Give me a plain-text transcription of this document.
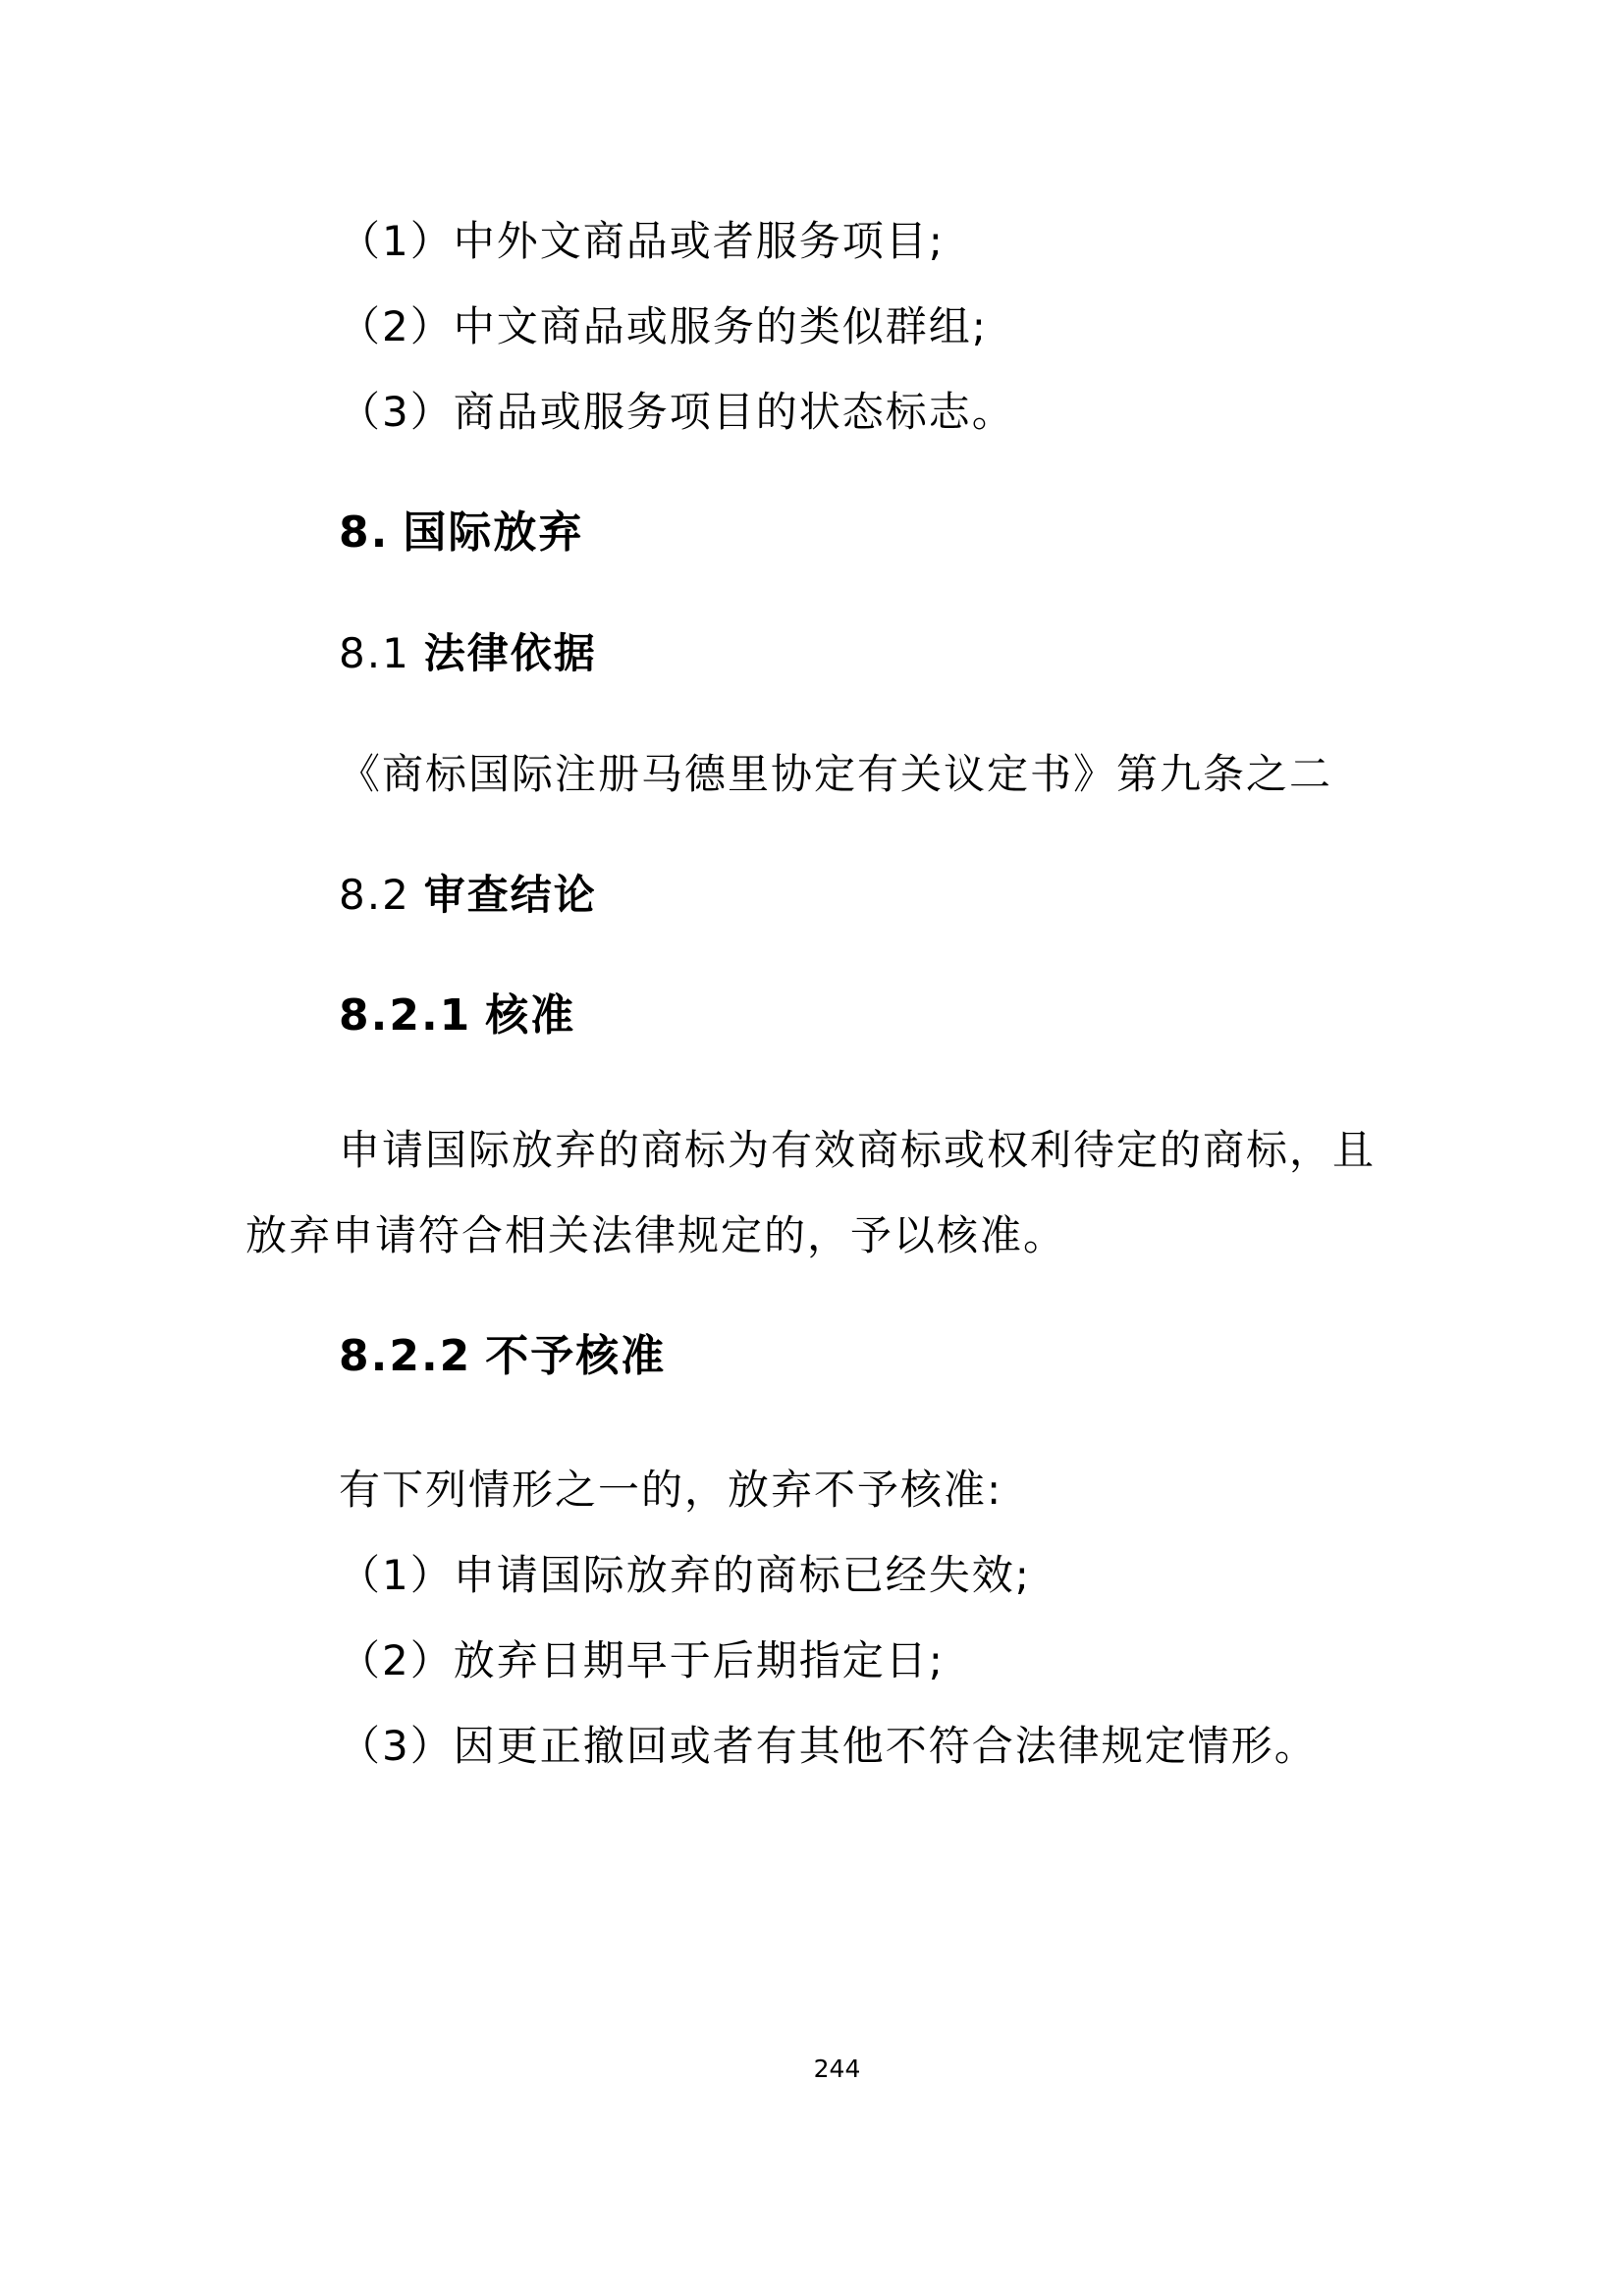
（1）中外文商品或者服务项目;
（2）中文商品或服务的类似群组;
（3）商品或服务项目的状态标志。
8. 国际放弃
8.1 法律依据
《商标国际注册马德里协定有关议定书》第九条之二
8.2 审查结论
8.2.1 核准
申请国际放弃的商标为有效商标或权利待定的商标，且
放弃申请符合相关法律规定的，予以核准。
8.2.2 不予核准
有下列情形之一的，放弃不予核准:
（1）申请国际放弃的商标已经失效;
（2）放弃日期早于后期指定日;
（3）因更正撤回或者有其他不符合法律规定情形。
244
